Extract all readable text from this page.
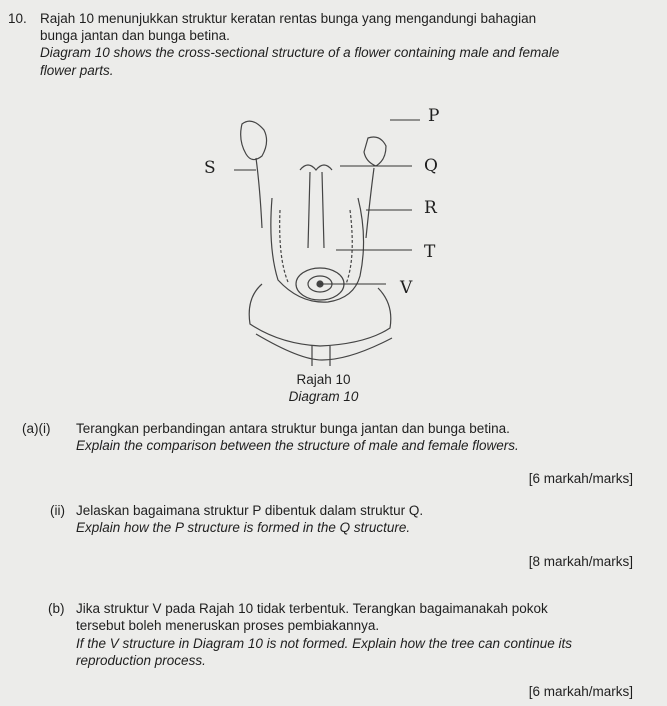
10. Rajah 10 menunjukkan struktur keratan rentas bunga yang mengandungi bahagian
bunga jantan dan bunga betina.
Diagram 10 shows the cross-sectional structure of a flower containing male and female
flower parts.
P
S	Q
R
T
V
Rajah 10
Diagram 10
(a)(i) Terangkan perbandingan antara struktur bunga jantan dan bunga betina.
Explain the comparison between the structure of male and female flowers.
[6 markah/marks]
(ii) Jelaskan bagaimana struktur P dibentuk dalam struktur Q.
Explain how the P structure is formed in the Q structure.
[8 markah/marks]
(b) Jika struktur V pada Rajah 10 tidak terbentuk. Terangkan bagaimanakah pokok
tersebut boleh meneruskan proses pembiakannya.
If the V structure in Diagram 10 is not formed. Explain how the tree can continue its
reproduction process.
[6 markah/marks]
